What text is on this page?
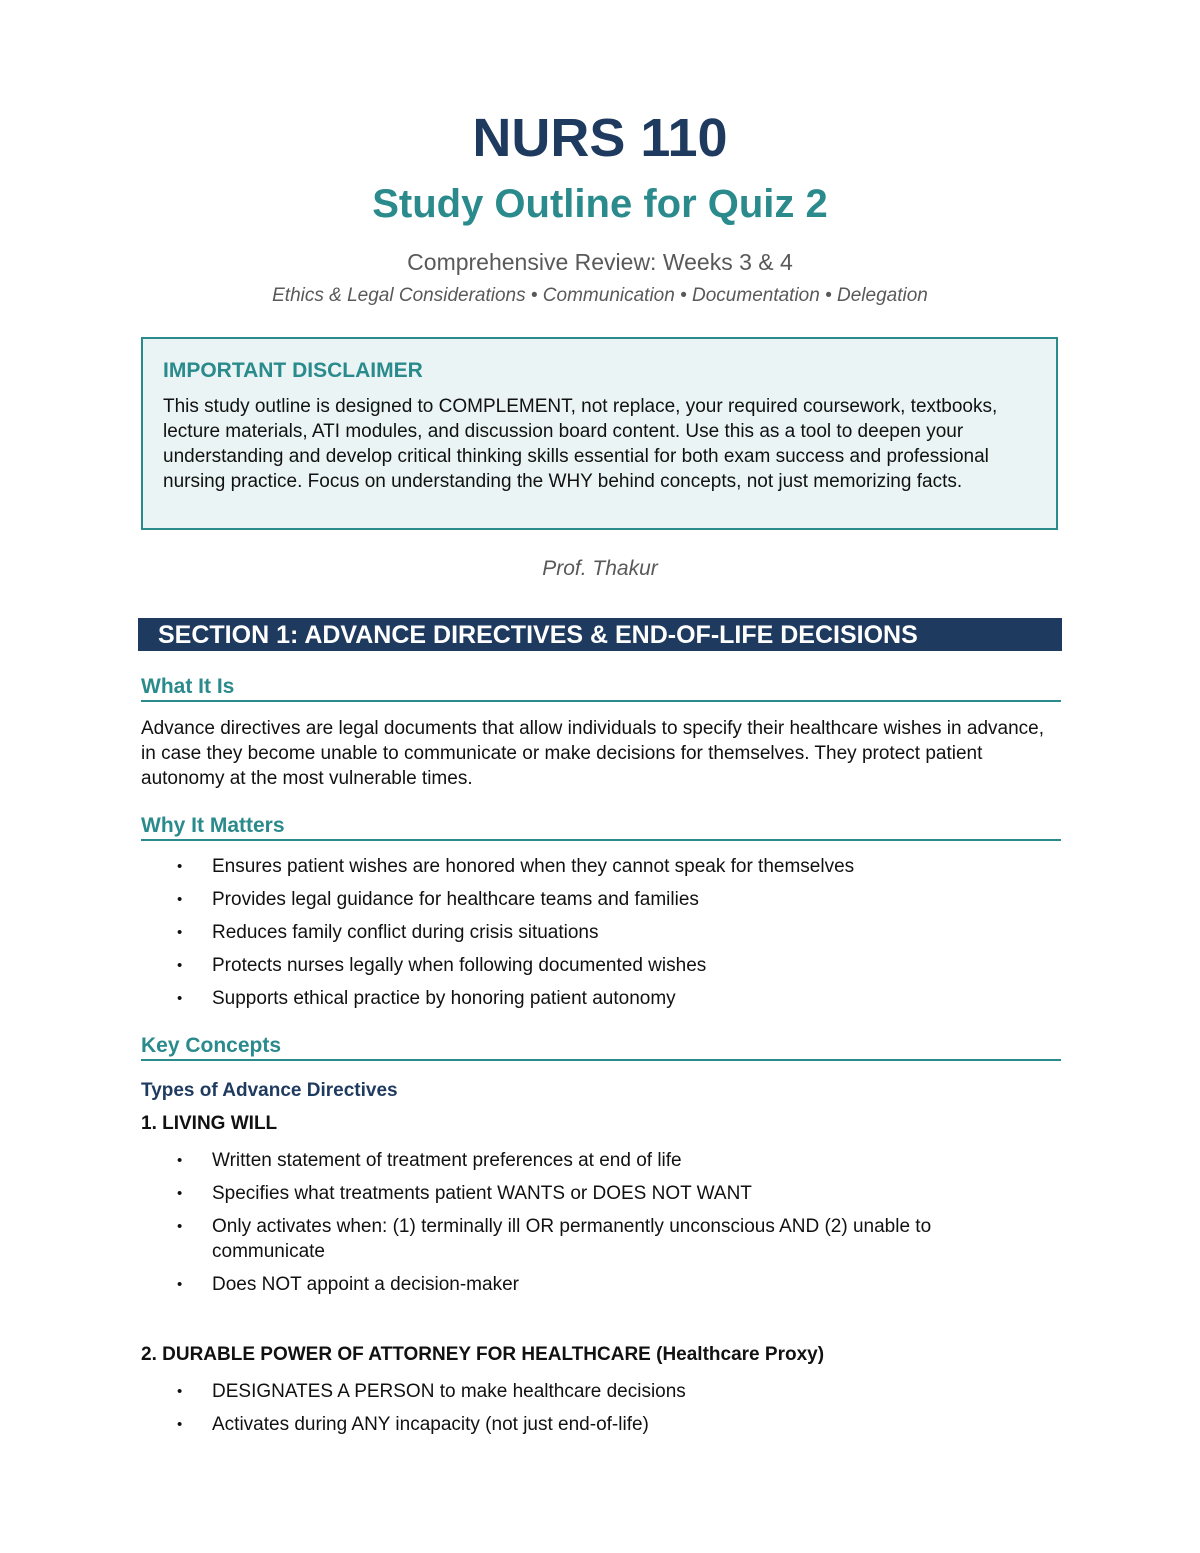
NURS 110
Study Outline for Quiz 2
Comprehensive Review: Weeks 3 & 4
Ethics & Legal Considerations • Communication • Documentation • Delegation
IMPORTANT DISCLAIMER
This study outline is designed to COMPLEMENT, not replace, your required coursework, textbooks, lecture materials, ATI modules, and discussion board content. Use this as a tool to deepen your understanding and develop critical thinking skills essential for both exam success and professional nursing practice. Focus on understanding the WHY behind concepts, not just memorizing facts.
Prof. Thakur
SECTION 1: ADVANCE DIRECTIVES & END-OF-LIFE DECISIONS
What It Is
Advance directives are legal documents that allow individuals to specify their healthcare wishes in advance, in case they become unable to communicate or make decisions for themselves. They protect patient autonomy at the most vulnerable times.
Why It Matters
• Ensures patient wishes are honored when they cannot speak for themselves
• Provides legal guidance for healthcare teams and families
• Reduces family conflict during crisis situations
• Protects nurses legally when following documented wishes
• Supports ethical practice by honoring patient autonomy
Key Concepts
Types of Advance Directives
1. LIVING WILL
• Written statement of treatment preferences at end of life
• Specifies what treatments patient WANTS or DOES NOT WANT
• Only activates when: (1) terminally ill OR permanently unconscious AND (2) unable to communicate
• Does NOT appoint a decision-maker
2. DURABLE POWER OF ATTORNEY FOR HEALTHCARE (Healthcare Proxy)
• DESIGNATES A PERSON to make healthcare decisions
• Activates during ANY incapacity (not just end-of-life)
